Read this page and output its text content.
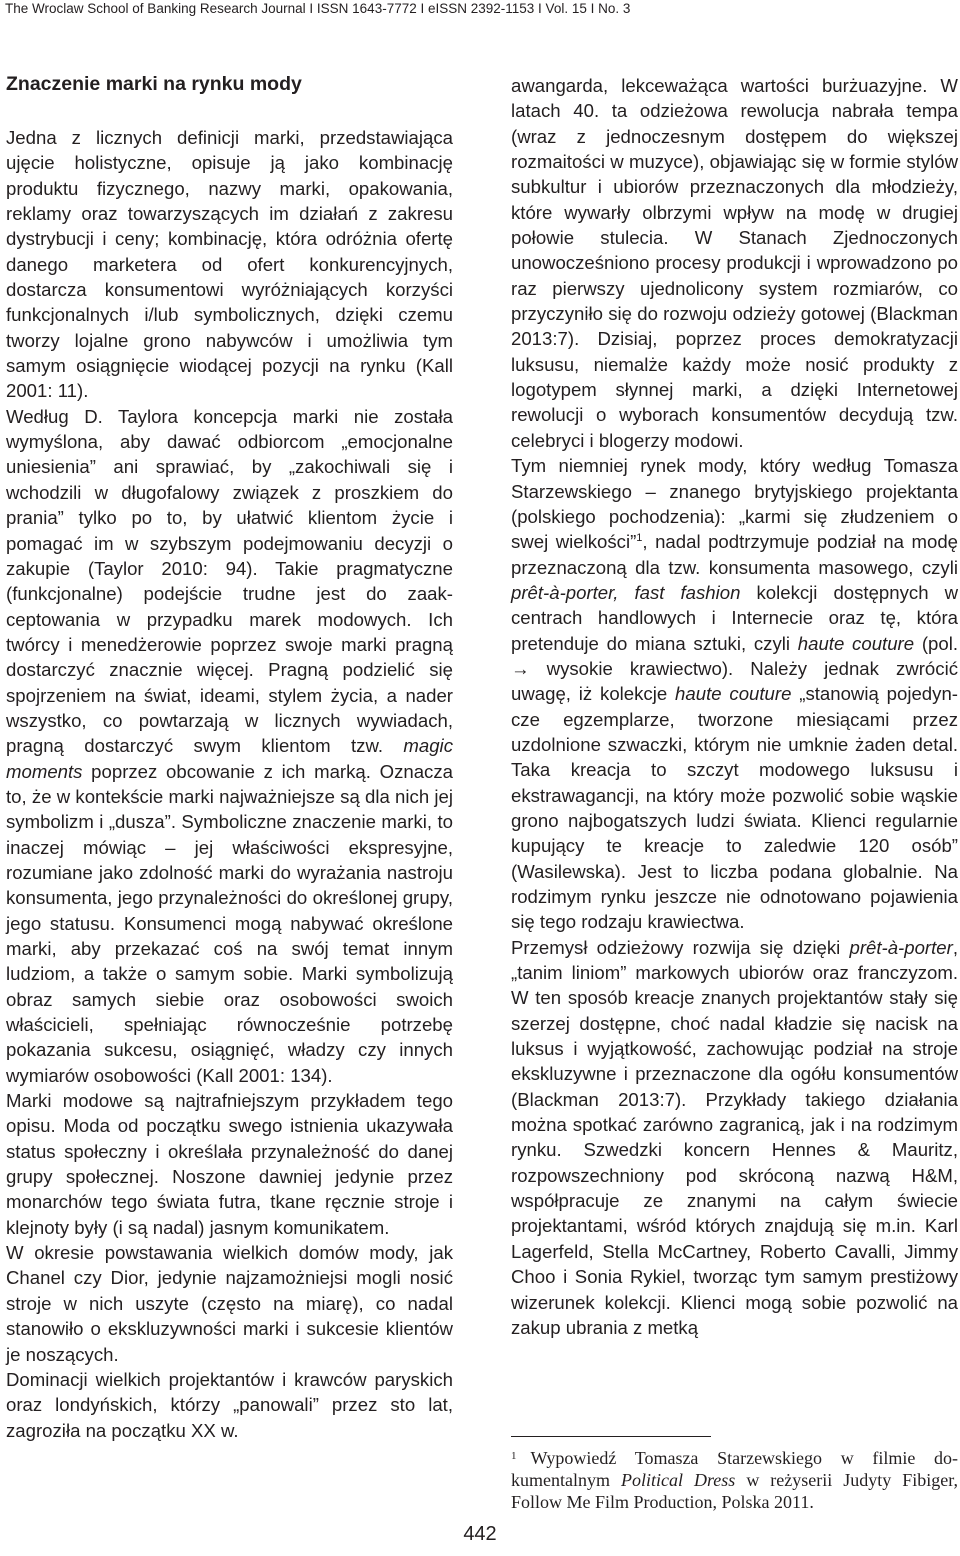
The Wroclaw School of Banking Research Journal I ISSN 1643-7772 I eISSN 2392-1153 I Vol. 15 I No. 3

Znaczenie marki na rynku mody

Jedna z licznych definicji marki, przedstawiająca ujęcie holistyczne, opisuje ją jako kombinację produktu fizycznego, nazwy marki, opakowania, reklamy oraz towarzyszących im działań z zakresu dystrybucji i ceny; kombinację, która odróżnia ofertę danego marketera od ofert konkurencyjnych, dostarcza konsumentowi wyróżniających korzyści funkcjonalnych i/lub symbolicznych, dzięki czemu tworzy lojalne grono nabywców i umożliwia tym samym osiągnięcie wiodącej pozycji na rynku (Kall 2001: 11).

Według D. Taylora koncepcja marki nie została wymyślona, aby dawać odbiorcom „emocjonalne uniesienia” ani sprawiać, by „zakochiwali się i wchodzili w długofalowy związek z proszkiem do prania” tylko po to, by ułatwić klientom życie i pomagać im w szybszym podejmowaniu decyzji o zakupie (Taylor 2010: 94). Takie pragmatyczne (funkcjonalne) podejście trudne jest do zaakceptowania w przypadku marek modowych. Ich twórcy i menedżerowie poprzez swoje marki pragną dostarczyć znacznie więcej. Pragną podzielić się spojrzeniem na świat, ideami, stylem życia, a nader wszystko, co powtarzają w licznych wywiadach, pragną dostarczyć swym klientom tzw. magic moments poprzez obcowanie z ich marką. Oznacza to, że w kontekście marki najważniejsze są dla nich jej symbolizm i „dusza”. Symboliczne znaczenie marki, to inaczej mówiąc – jej właściwości ekspresyjne, rozumiane jako zdolność marki do wyrażania nastroju konsumenta, jego przynależności do określonej grupy, jego statusu. Konsumenci mogą nabywać określone marki, aby przekazać coś na swój temat innym ludziom, a także o samym sobie. Marki symbolizują obraz samych siebie oraz osobowości swoich właścicieli, spełniając równocześnie potrzebę pokazania sukcesu, osiągnięć, władzy czy innych wymiarów osobowości (Kall 2001: 134).

Marki modowe są najtrafniejszym przykładem tego opisu. Moda od początku swego istnienia ukazywała status społeczny i określała przynależność do danej grupy społecznej. Noszone dawniej jedynie przez monarchów tego świata futra, tkane ręcznie stroje i klejnoty były (i są nadal) jasnym komunikatem.

W okresie powstawania wielkich domów mody, jak Chanel czy Dior, jedynie najzamożniejsi mogli nosić stroje w nich uszyte (często na miarę), co nadal stanowiło o ekskluzywności marki i sukcesie klientów je noszących.

Dominacji wielkich projektantów i krawców paryskich oraz londyńskich, którzy „panowali” przez sto lat, zagroziła na początku XX w.

awangarda, lekceważąca wartości burżuazyjne. W latach 40. ta odzieżowa rewolucja nabrała tempa (wraz z jednoczesnym dostępem do większej rozmaitości w muzyce), objawiając się w formie stylów subkultur i ubiorów przeznaczonych dla młodzieży, które wywarły olbrzymi wpływ na modę w drugiej połowie stulecia. W Stanach Zjednoczonych unowocześniono procesy produkcji i wprowadzono po raz pierwszy ujednolicony system rozmiarów, co przyczyniło się do rozwoju odzieży gotowej (Blackman 2013:7). Dzisiaj, poprzez proces demokratyzacji luksusu, niemalże każdy może nosić produkty z logotypem słynnej marki, a dzięki Internetowej rewolucji o wyborach konsumentów decydują tzw. celebryci i blogerzy modowi.

Tym niemniej rynek mody, który według Tomasza Starzewskiego – znanego brytyjskiego projektanta (polskiego pochodzenia): „karmi się złudzeniem o swej wielkości”$^1$, nadal podtrzymuje podział na modę przeznaczoną dla tzw. konsumenta masowego, czyli prêt-à-porter, fast fashion kolekcji dostępnych w centrach handlowych i Internecie oraz tę, która pretenduje do miana sztuki, czyli haute couture (pol. → wysokie krawiectwo). Należy jednak zwrócić uwagę, iż kolekcje haute couture „stanowią pojedyncze egzemplarze, tworzone miesiącami przez uzdolnione szwaczki, którym nie umknie żaden detal. Taka kreacja to szczyt modowego luksusu i ekstrawagancji, na który może pozwolić sobie wąskie grono najbogatszych ludzi świata. Klienci regularnie kupujący te kreacje to zaledwie 120 osób” (Wasilewska). Jest to liczba podana globalnie. Na rodzimym rynku jeszcze nie odnotowano pojawienia się tego rodzaju krawiectwa.

Przemysł odzieżowy rozwija się dzięki prêt-à-porter, „tanim liniom” markowych ubiorów oraz franczyzom. W ten sposób kreacje znanych projektantów stały się szerzej dostępne, choć nadal kładzie się nacisk na luksus i wyjątkowość, zachowując podział na stroje ekskluzywne i przeznaczone dla ogółu konsumentów (Blackman 2013:7). Przykłady takiego działania można spotkać zarówno zagranicą, jak i na rodzimym rynku. Szwedzki koncern Hennes & Mauritz, rozpowszechniony pod skróconą nazwą H&M, współpracuje ze znanymi na całym świecie projektantami, wśród których znajdują się m.in. Karl Lagerfeld, Stella McCartney, Roberto Cavalli, Jimmy Choo i Sonia Rykiel, tworząc tym samym prestiżowy wizerunek kolekcji. Klienci mogą sobie pozwolić na zakup ubrania z metką

$^1$ Wypowiedź Tomasza Starzewskiego w filmie dokumentalnym Political Dress w reżyserii Judyty Fibiger, Follow Me Film Production, Polska 2011.
442
